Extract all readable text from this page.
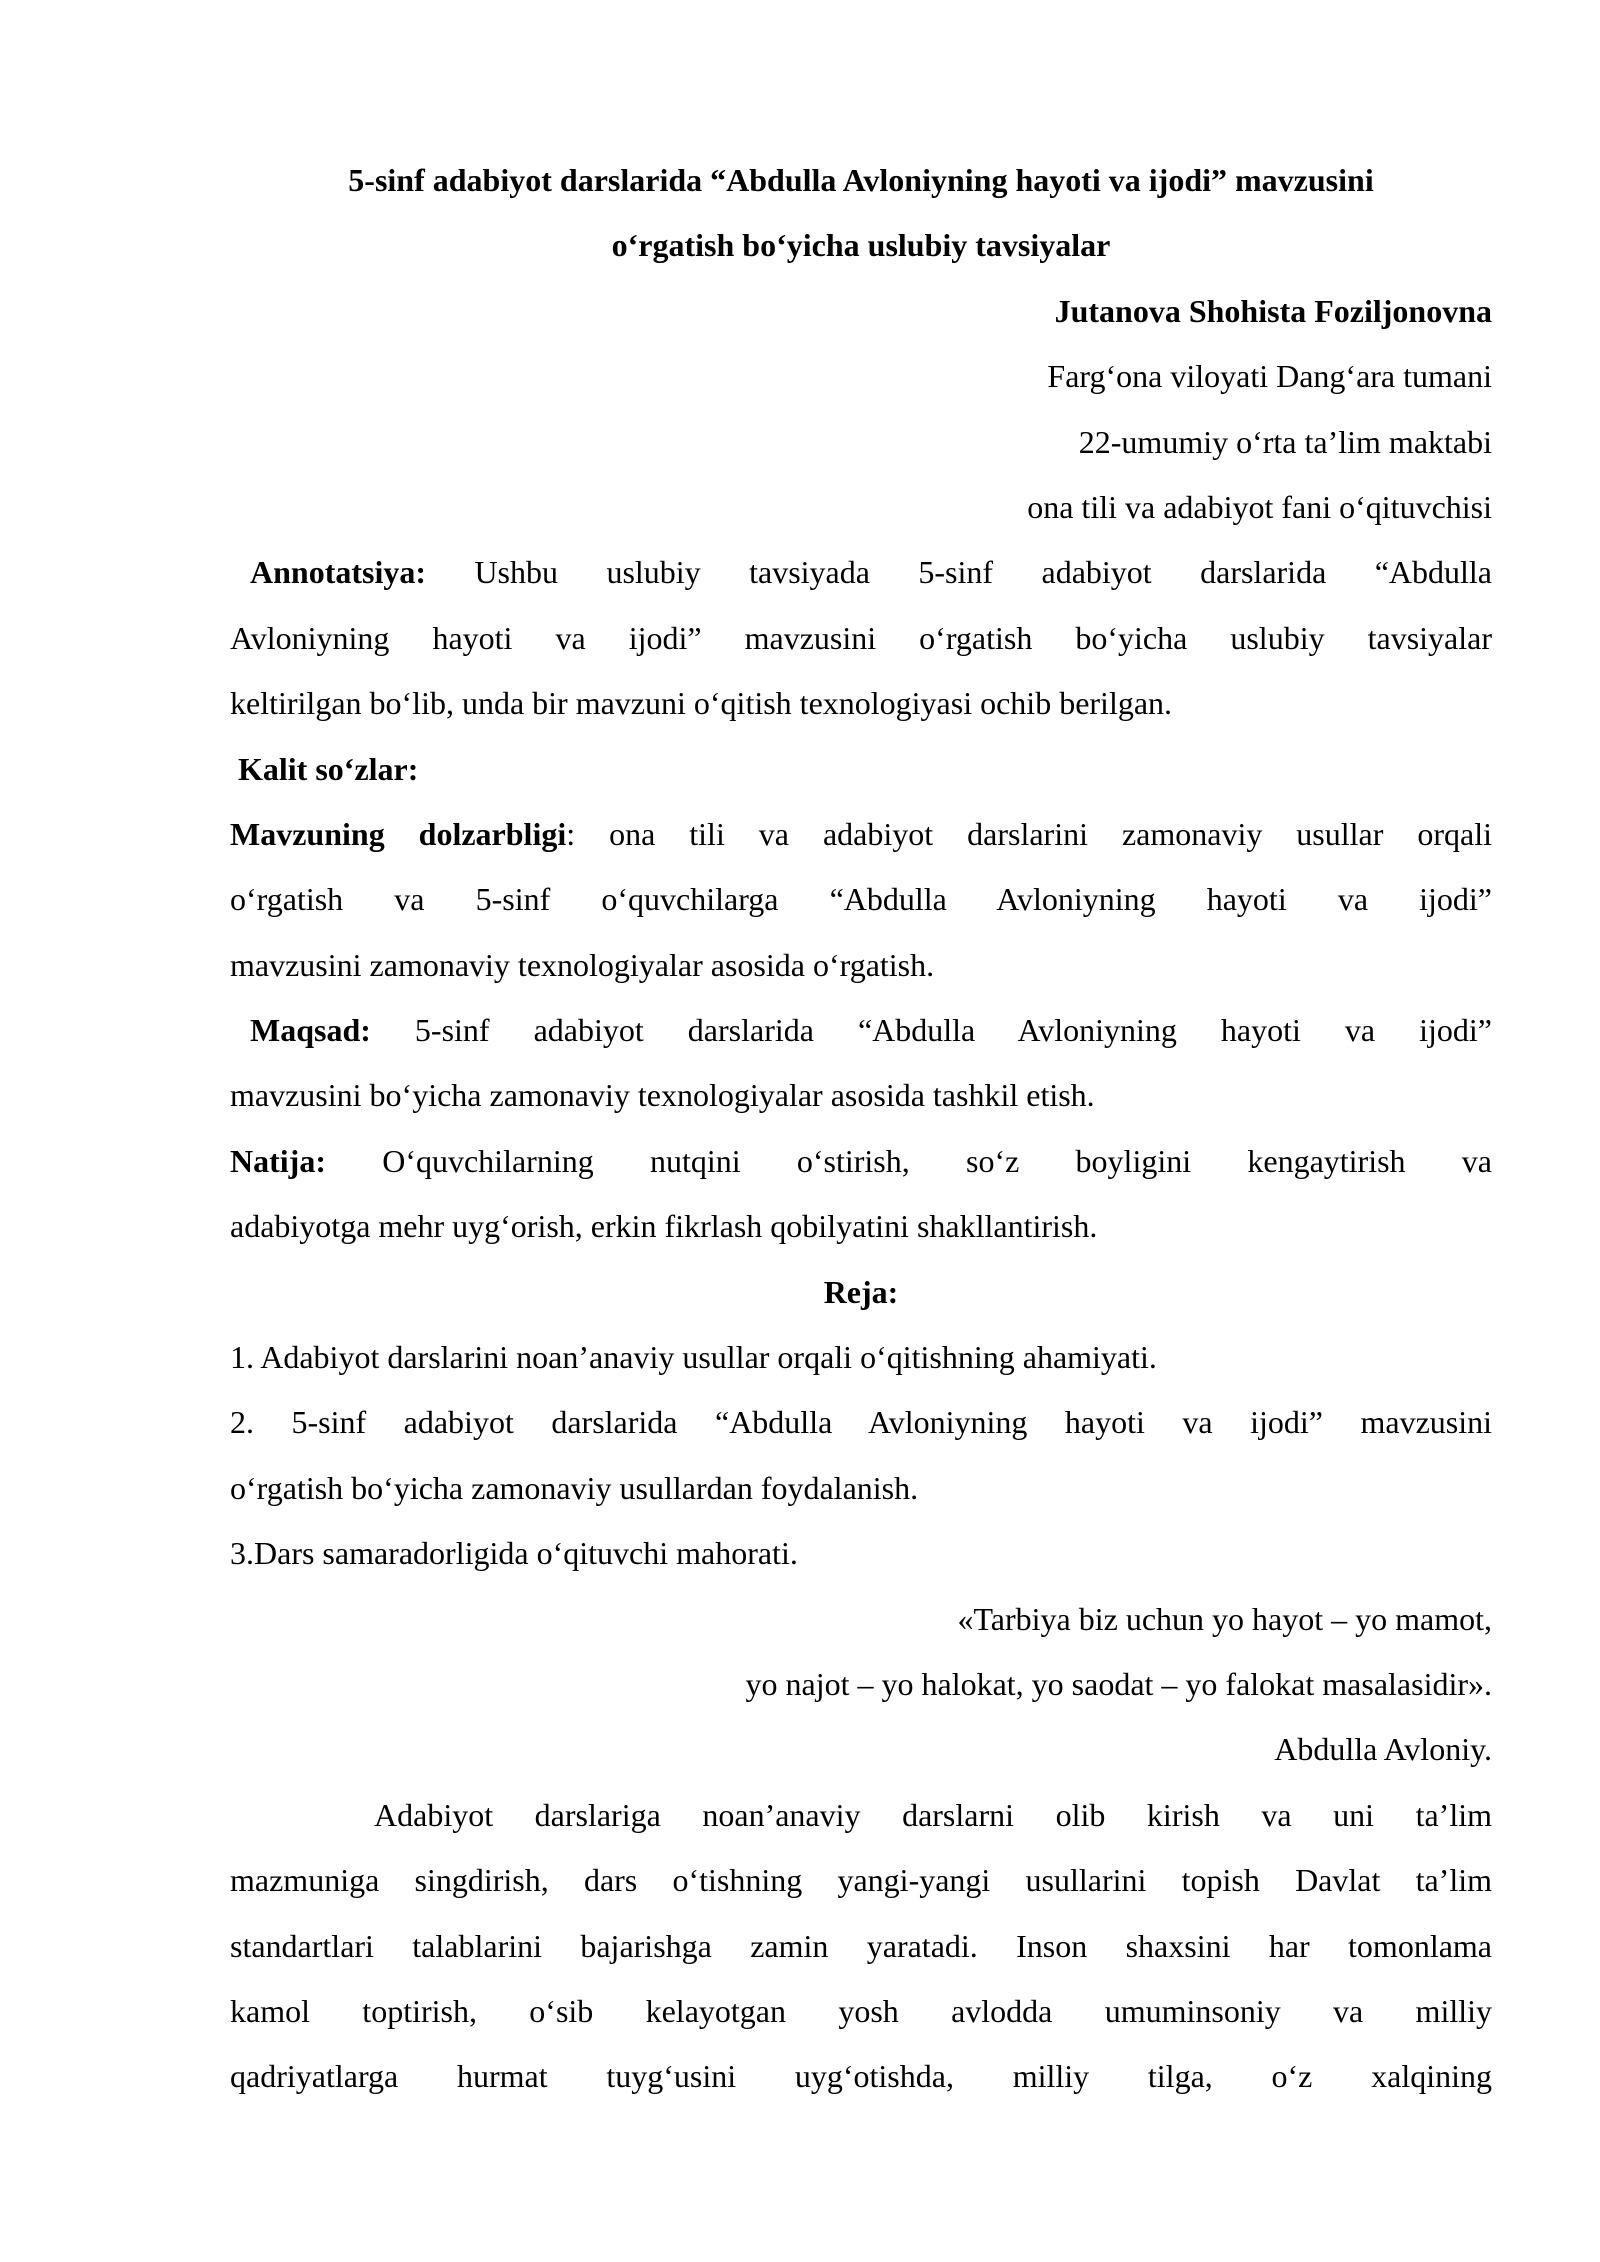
5-sinf adabiyot darslarida “Abdulla Avloniyning hayoti va ijodi” mavzusini
o‘rgatish bo‘yicha uslubiy tavsiyalar
Jutanova Shohista Foziljonovna
Farg‘ona viloyati Dang‘ara tumani
22-umumiy o‘rta ta’lim maktabi
ona tili va adabiyot fani o‘qituvchisi
Annotatsiya: Ushbu uslubiy tavsiyada 5-sinf adabiyot darslarida “Abdulla
Avloniyning hayoti va ijodi” mavzusini o‘rgatish bo‘yicha uslubiy tavsiyalar
keltirilgan bo‘lib, unda bir mavzuni o‘qitish texnologiyasi ochib berilgan.
Kalit so‘zlar:
Mavzuning dolzarbligi: ona tili va adabiyot darslarini zamonaviy usullar orqali
o‘rgatish va 5-sinf o‘quvchilarga “Abdulla Avloniyning hayoti va ijodi”
mavzusini zamonaviy texnologiyalar asosida o‘rgatish.
Maqsad: 5-sinf adabiyot darslarida “Abdulla Avloniyning hayoti va ijodi”
mavzusini bo‘yicha zamonaviy texnologiyalar asosida tashkil etish.
Natija: O‘quvchilarning nutqini o‘stirish, so‘z boyligini kengaytirish va
adabiyotga mehr uyg‘orish, erkin fikrlash qobilyatini shakllantirish.
Reja:
1. Adabiyot darslarini noan’anaviy usullar orqali o‘qitishning ahamiyati.
2. 5-sinf adabiyot darslarida “Abdulla Avloniyning hayoti va ijodi” mavzusini
o‘rgatish bo‘yicha zamonaviy usullardan foydalanish.
3.Dars samaradorligida o‘qituvchi mahorati.
«Tarbiya biz uchun yo hayot – yo mamot,
yo najot – yo halokat, yo saodat – yo falokat masalasidir».
Abdulla Avloniy.
Adabiyot darslariga noan’anaviy darslarni olib kirish va uni ta’lim
mazmuniga singdirish, dars o‘tishning yangi-yangi usullarini topish Davlat ta’lim
standartlari talablarini bajarishga zamin yaratadi. Inson shaxsini har tomonlama
kamol toptirish, o‘sib kelayotgan yosh avlodda umuminsoniy va milliy
qadriyatlarga hurmat tuyg‘usini uyg‘otishda, milliy tilga, o‘z xalqining
